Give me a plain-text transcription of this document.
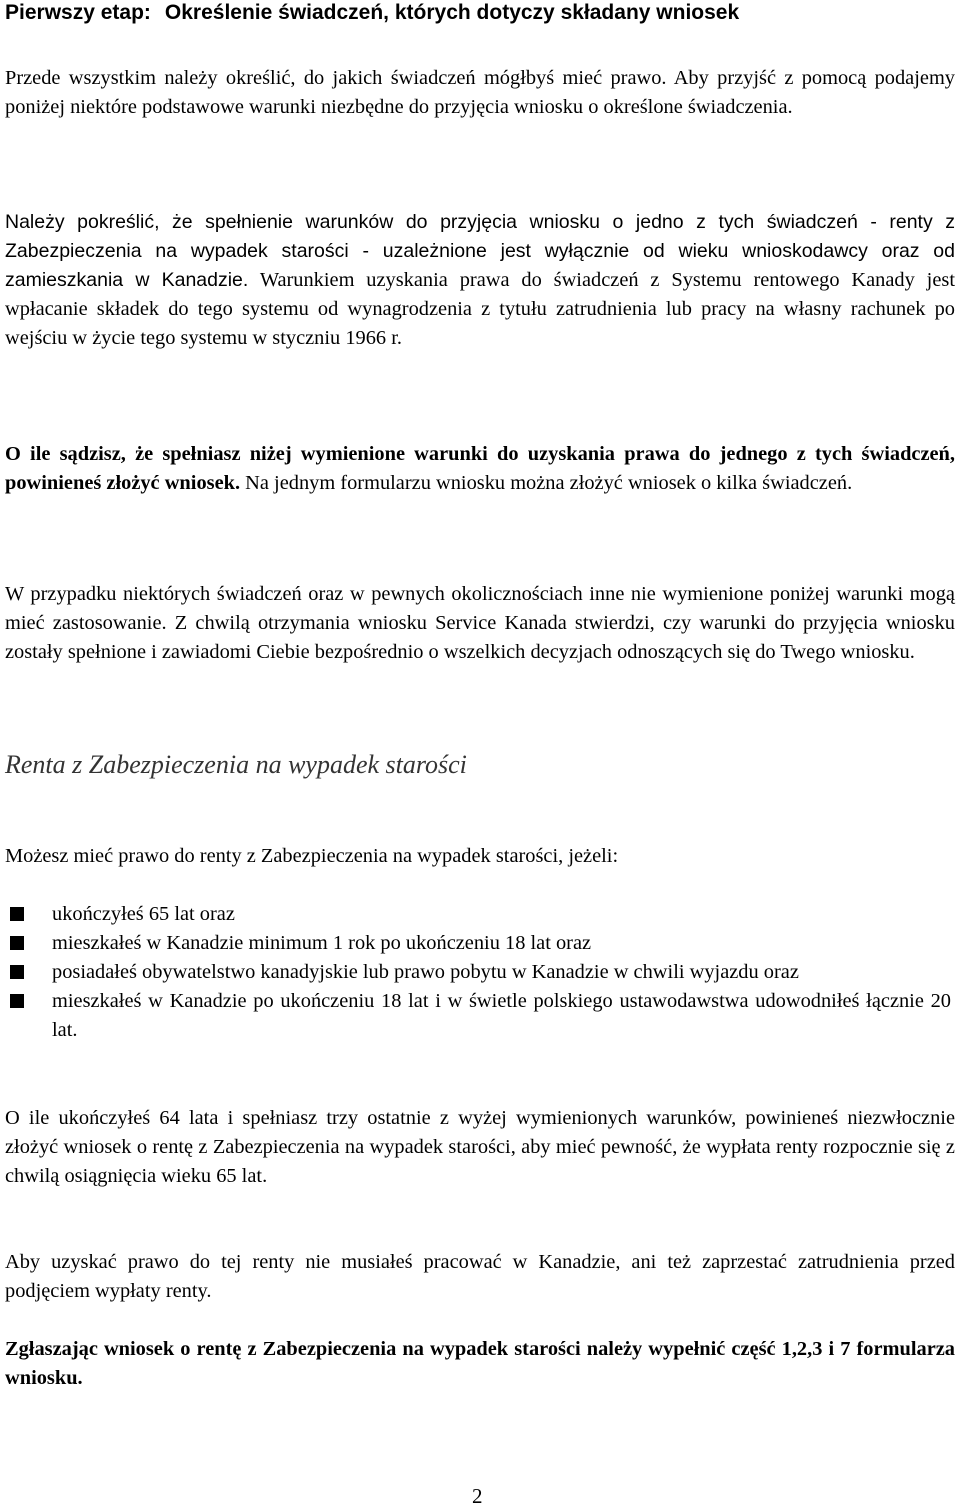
Pierwszy etap: Określenie świadczeń, których dotyczy składany wniosek

Przede wszystkim należy określić, do jakich świadczeń mógłbyś mieć prawo. Aby przyjść z pomocą podajemy poniżej niektóre podstawowe warunki niezbędne do przyjęcia wniosku o określone świadczenia.

Należy pokreślić, że spełnienie warunków do przyjęcia wniosku o jedno z tych świadczeń - renty z Zabezpieczenia na wypadek starości - uzależnione jest wyłącznie od wieku wnioskodawcy oraz od zamieszkania w Kanadzie. Warunkiem uzyskania prawa do świadczeń z Systemu rentowego Kanady jest wpłacanie składek do tego systemu od wynagrodzenia z tytułu zatrudnienia lub pracy na własny rachunek po wejściu w życie tego systemu w styczniu 1966 r.

O ile sądzisz, że spełniasz niżej wymienione warunki do uzyskania prawa do jednego z tych świadczeń, powinieneś złożyć wniosek. Na jednym formularzu wniosku można złożyć wniosek o kilka świadczeń.

W przypadku niektórych świadczeń oraz w pewnych okolicznościach inne nie wymienione poniżej warunki mogą mieć zastosowanie. Z chwilą otrzymania wniosku Service Kanada stwierdzi, czy warunki do przyjęcia wniosku zostały spełnione i zawiadomi Ciebie bezpośrednio o wszelkich decyzjach odnoszących się do Twego wniosku.

Renta z Zabezpieczenia na wypadek starości

Możesz mieć prawo do renty z Zabezpieczenia na wypadek starości, jeżeli:

ukończyłeś 65 lat oraz
mieszkałeś w Kanadzie minimum 1 rok po ukończeniu 18 lat oraz
posiadałeś obywatelstwo kanadyjskie lub prawo pobytu w Kanadzie w chwili wyjazdu oraz
mieszkałeś w Kanadzie po ukończeniu 18 lat i w świetle polskiego ustawodawstwa udowodniłeś łącznie 20 lat.

O ile ukończyłeś 64 lata i spełniasz trzy ostatnie z wyżej wymienionych warunków, powinieneś niezwłocznie złożyć wniosek o rentę z Zabezpieczenia na wypadek starości, aby mieć pewność, że wypłata renty rozpocznie się z chwilą osiągnięcia wieku 65 lat.

Aby uzyskać prawo do tej renty nie musiałeś pracować w Kanadzie, ani też zaprzestać zatrudnienia przed podjęciem wypłaty renty.

Zgłaszając wniosek o rentę z Zabezpieczenia na wypadek starości należy wypełnić część 1,2,3 i 7 formularza wniosku.

2
